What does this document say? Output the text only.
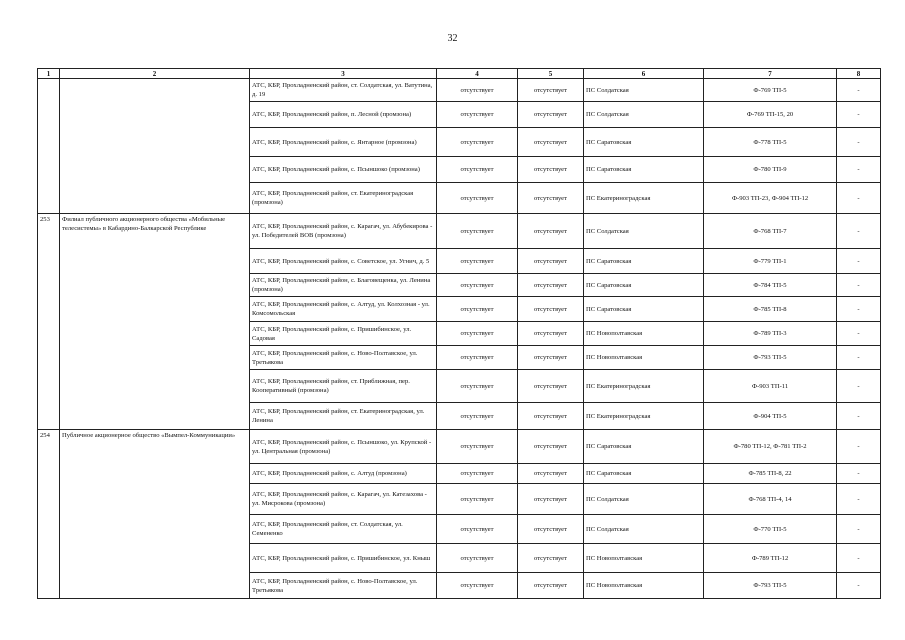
32
1	2	3	4	5	6	7	8
		АТС, КБР, Прохладненский район, ст. Солдатская, ул. Ватутина, д. 19	отсутствует	отсутствует	ПС Солдатская	Ф-769 ТП-5	-
		АТС, КБР, Прохладненский район, п. Лесной (промзона)	отсутствует	отсутствует	ПС Солдатская	Ф-769 ТП-15, 20	-
		АТС, КБР, Прохладненский район, с. Янтарное (промзона)	отсутствует	отсутствует	ПС Саратовская	Ф-778 ТП-5	-
		АТС, КБР, Прохладненский район, с. Псыншоко (промзона)	отсутствует	отсутствует	ПС Саратовская	Ф-780 ТП-9	-
		АТС, КБР, Прохладненский район, ст. Екатериноградская (промзона)	отсутствует	отсутствует	ПС Екатериноградская	Ф-903 ТП-23, Ф-904 ТП-12	-
253	Филиал публичного акционерного общества «Мобильные телесистемы» в Кабардино-Балкарской Республике	АТС, КБР, Прохладненский район, с. Карагач, ул. Абубекирова - ул. Победителей ВОВ (промзона)	отсутствует	отсутствует	ПС Солдатская	Ф-768 ТП-7	-
		АТС, КБР, Прохладненский район, с. Советское, ул. Угнич, д. 5	отсутствует	отсутствует	ПС Саратовская	Ф-779 ТП-1	-
		АТС, КБР, Прохладненский район, с. Благовещенка, ул. Ленина (промзона)	отсутствует	отсутствует	ПС Саратовская	Ф-784 ТП-5	-
		АТС, КБР, Прохладненский район, с. Алтуд, ул. Колхозная - ул. Комсомольская	отсутствует	отсутствует	ПС Саратовская	Ф-785 ТП-8	-
		АТС, КБР, Прохладненский район, с. Пришибинское, ул. Садовая	отсутствует	отсутствует	ПС Новополтавская	Ф-789 ТП-3	-
		АТС, КБР, Прохладненский район, с. Ново-Полтавское, ул. Третьякова	отсутствует	отсутствует	ПС Новополтавская	Ф-793 ТП-5	-
		АТС, КБР, Прохладненский район, ст. Приближная, пер. Кооперативный (промзона)	отсутствует	отсутствует	ПС Екатериноградская	Ф-903 ТП-11	-
		АТС, КБР, Прохладненский район, ст. Екатериноградская, ул. Ленина	отсутствует	отсутствует	ПС Екатериноградская	Ф-904 ТП-5	-
254	Публичное акционерное общество «Вымпел-Коммуникации»	АТС, КБР, Прохладненский район, с. Псыншоко, ул. Крупской - ул. Центральная (промзона)	отсутствует	отсутствует	ПС Саратовская	Ф-780 ТП-12, Ф-781 ТП-2	-
		АТС, КБР, Прохладненский район, с. Алтуд (промзона)	отсутствует	отсутствует	ПС Саратовская	Ф-785 ТП-8, 22	-
		АТС, КБР, Прохладненский район, с. Карагач, ул. Катезахова - ул. Мисрокова (промзона)	отсутствует	отсутствует	ПС Солдатская	Ф-768 ТП-4, 14	-
		АТС, КБР, Прохладненский район, ст. Солдатская, ул. Семененко	отсутствует	отсутствует	ПС Солдатская	Ф-770 ТП-5	-
		АТС, КБР, Прохладненский район, с. Пришибинское, ул. Кныш	отсутствует	отсутствует	ПС Новополтавская	Ф-789 ТП-12	-
		АТС, КБР, Прохладненский район, с. Ново-Полтавское, ул. Третьякова	отсутствует	отсутствует	ПС Новополтавская	Ф-793 ТП-5	-
